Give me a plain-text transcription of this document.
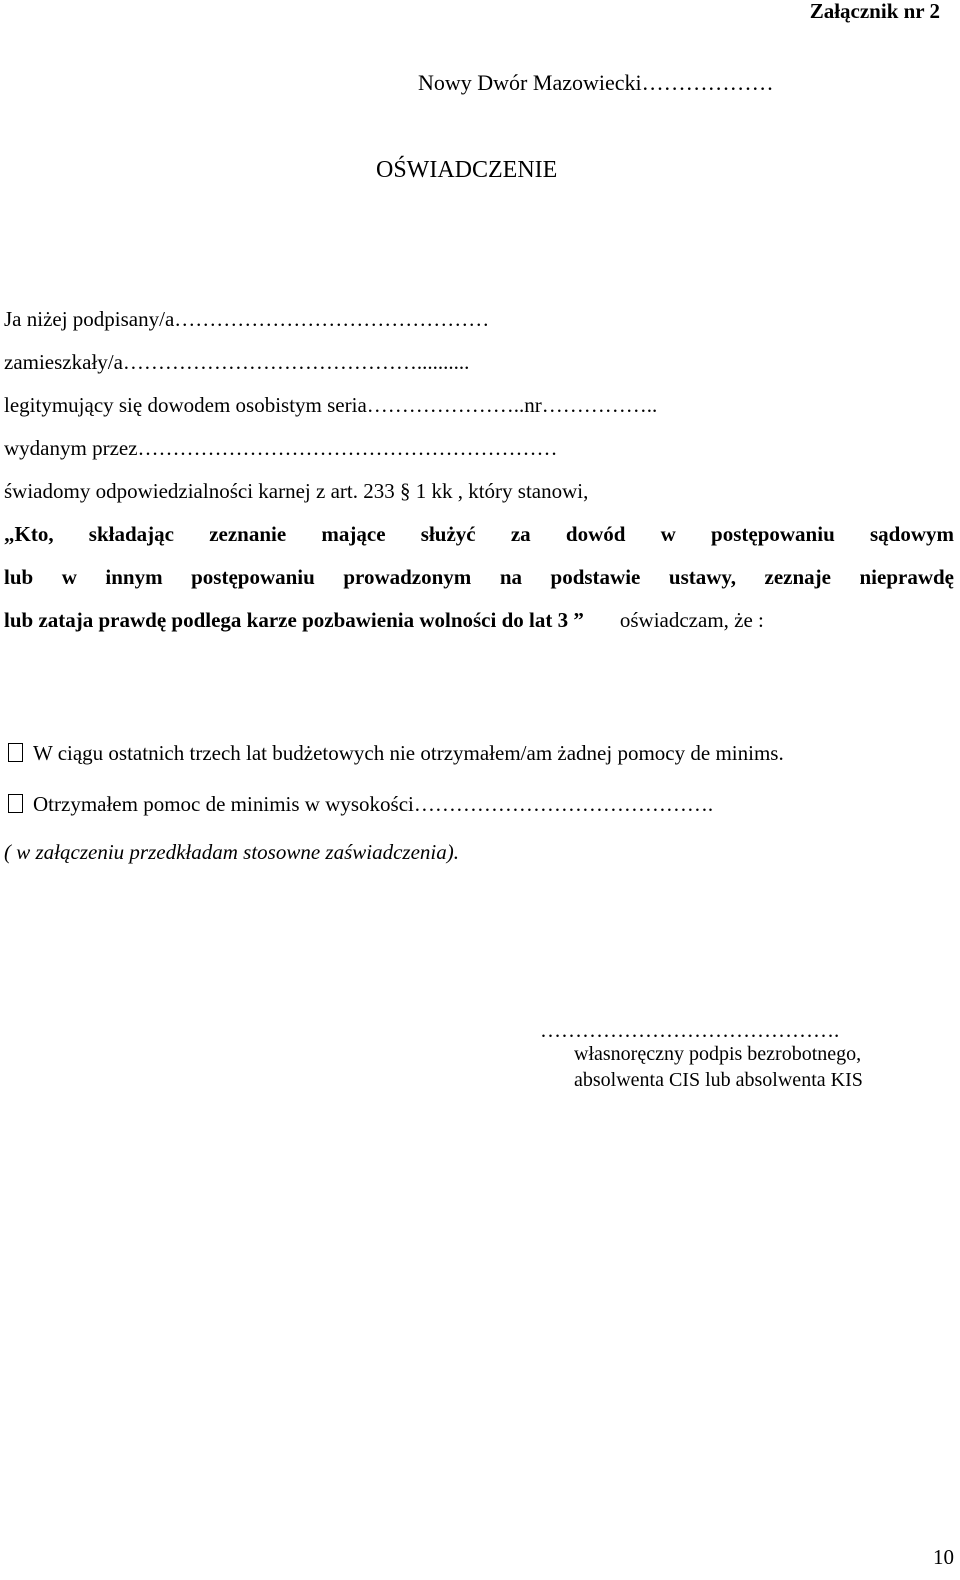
Załącznik nr 2
Nowy Dwór Mazowiecki………………
OŚWIADCZENIE
Ja niżej podpisany/a………………………………………
zamieszkały/a……………………………………..........
legitymujący się dowodem osobistym seria…………………..nr……………..
wydanym przez……………………………………………………
świadomy odpowiedzialności karnej z art. 233 § 1 kk , który stanowi,
„Kto, składając zeznanie mające służyć za dowód w postępowaniu sądowym
lub w innym postępowaniu prowadzonym na podstawie ustawy, zeznaje nieprawdę
lub zataja prawdę podlega karze pozbawienia wolności do lat 3 ” oświadczam, że :
W ciągu ostatnich trzech lat budżetowych nie otrzymałem/am żadnej pomocy de minims.
Otrzymałem pomoc de minimis w wysokości…………………………………….
( w załączeniu przedkładam stosowne zaświadczenia).
…………………………………….
własnoręczny podpis bezrobotnego,
absolwenta CIS lub absolwenta KIS
10
